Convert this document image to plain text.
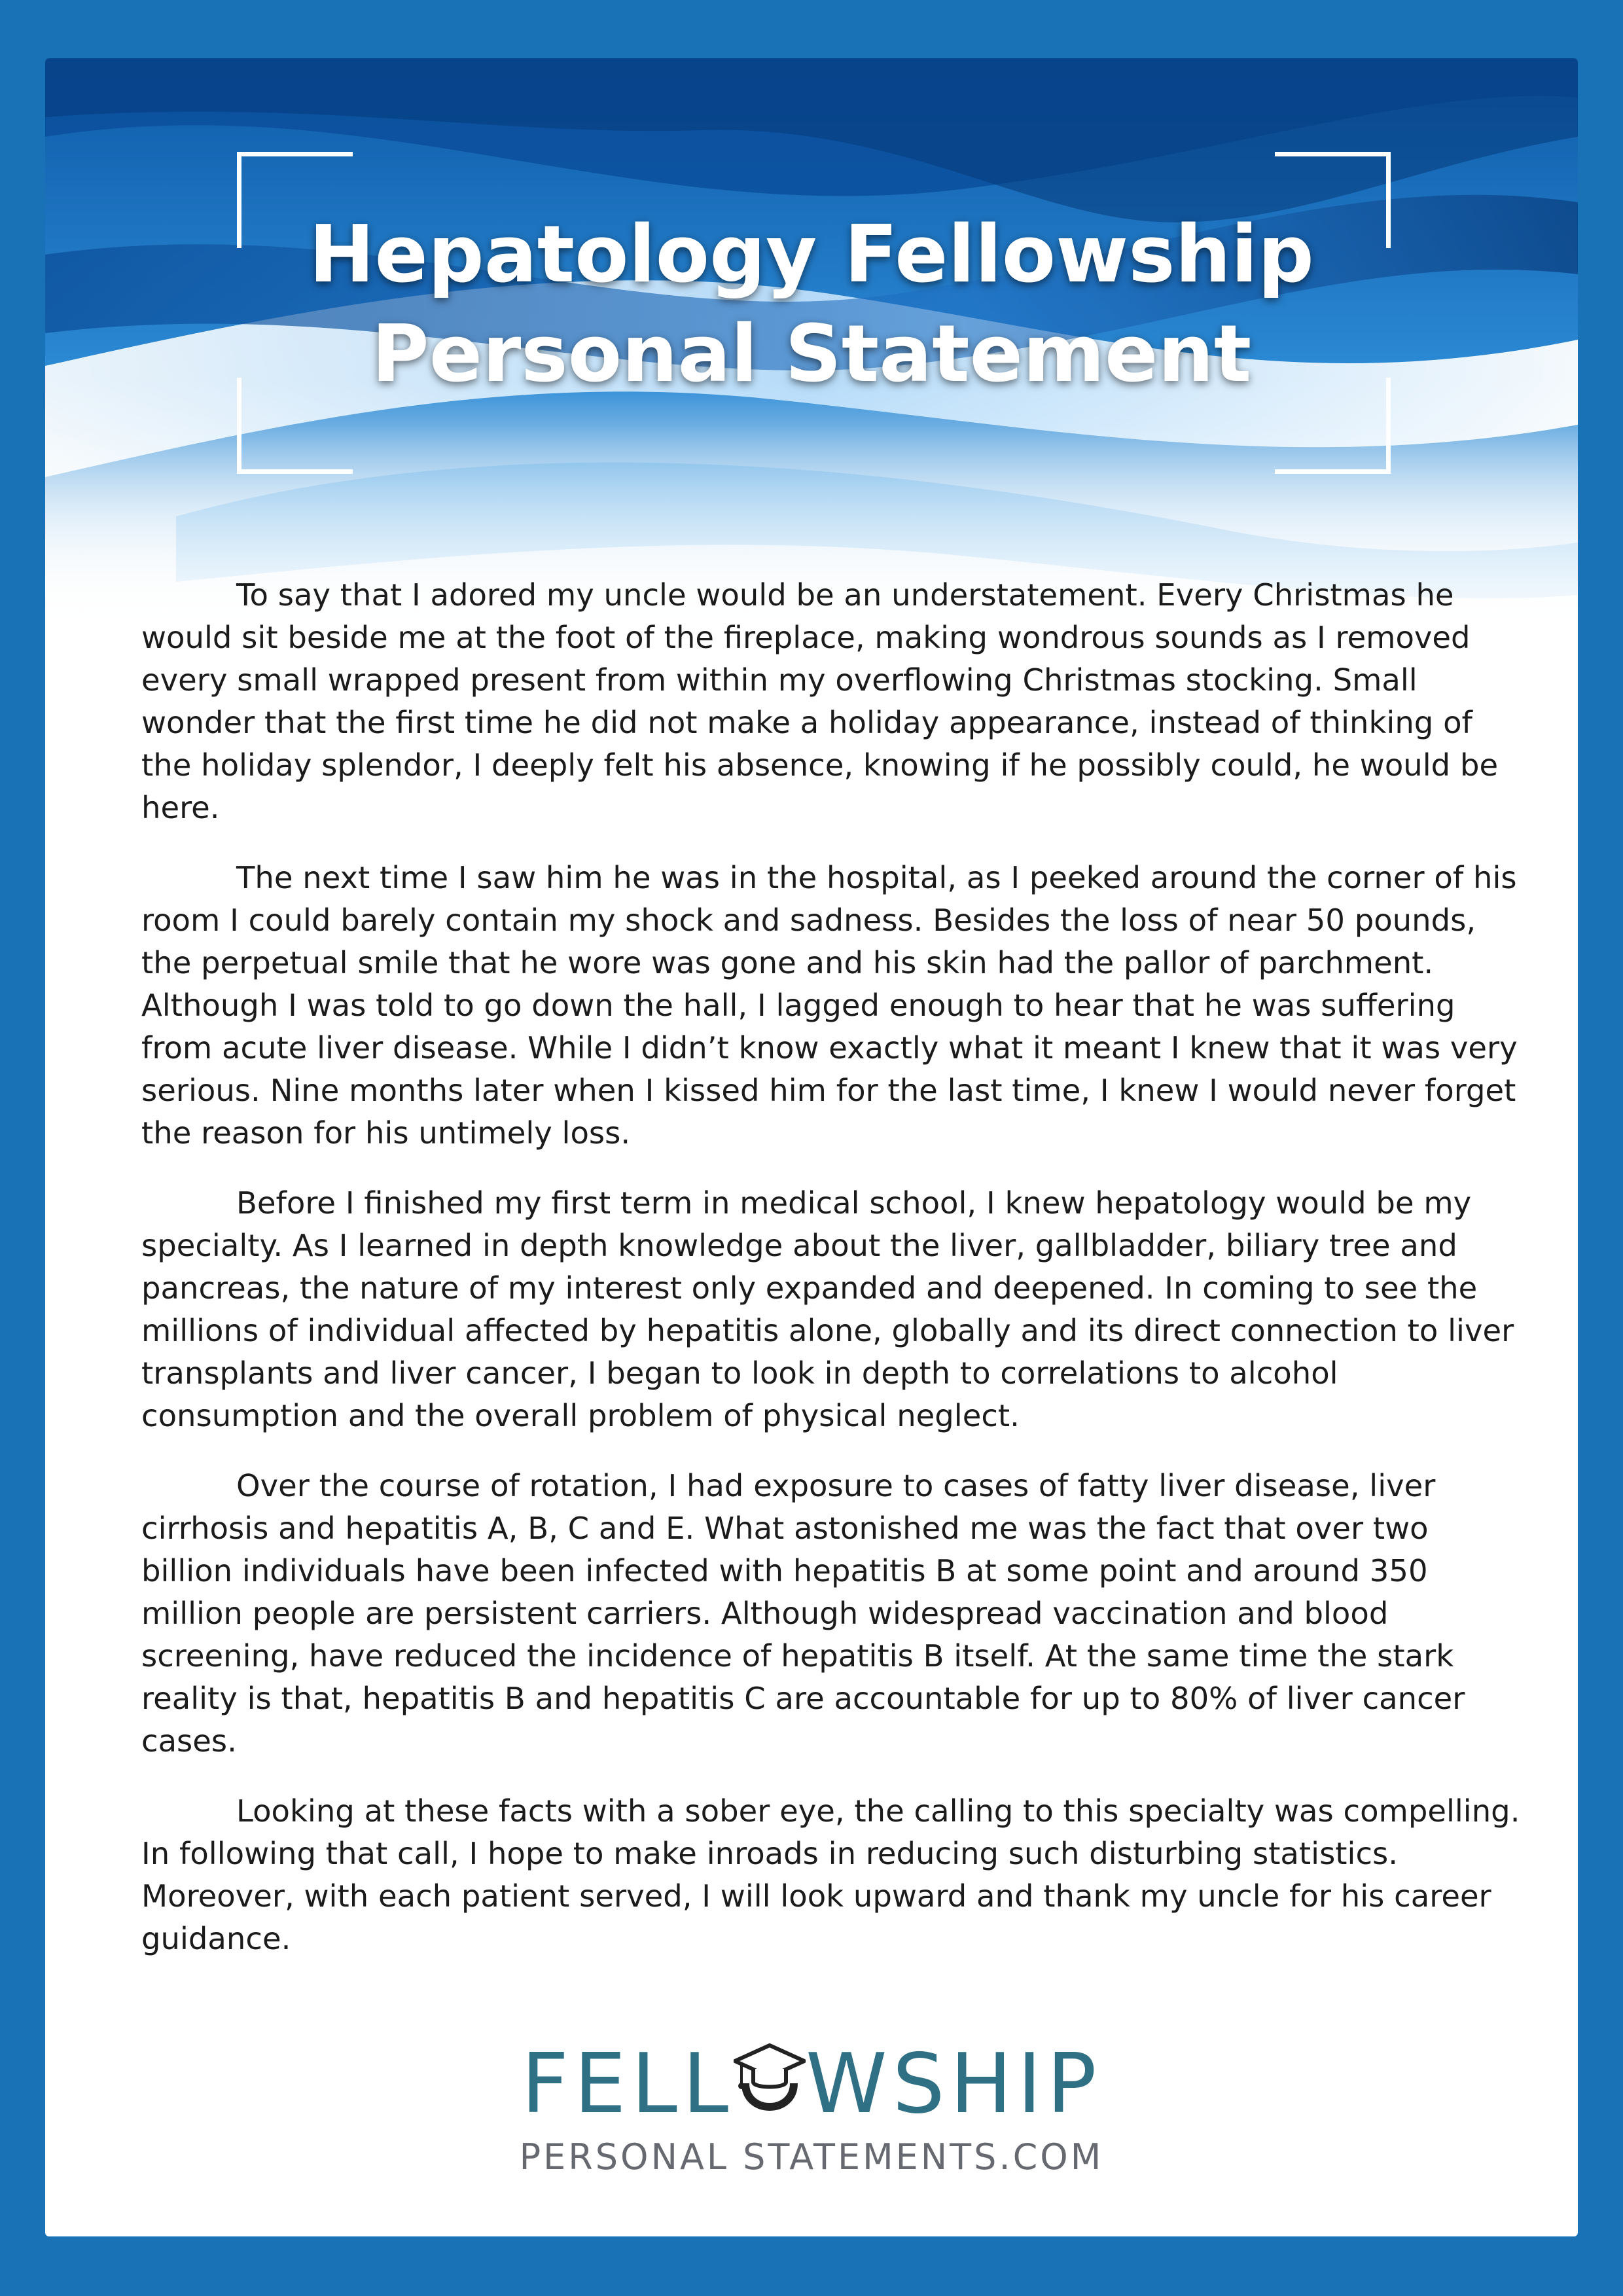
Hepatology Fellowship
Personal Statement

To say that I adored my uncle would be an understatement. Every Christmas he would sit beside me at the foot of the fireplace, making wondrous sounds as I removed every small wrapped present from within my overflowing Christmas stocking. Small wonder that the first time he did not make a holiday appearance, instead of thinking of the holiday splendor, I deeply felt his absence, knowing if he possibly could, he would be here.

The next time I saw him he was in the hospital, as I peeked around the corner of his room I could barely contain my shock and sadness. Besides the loss of near 50 pounds, the perpetual smile that he wore was gone and his skin had the pallor of parchment. Although I was told to go down the hall, I lagged enough to hear that he was suffering from acute liver disease. While I didn’t know exactly what it meant I knew that it was very serious. Nine months later when I kissed him for the last time, I knew I would never forget the reason for his untimely loss.

Before I finished my first term in medical school, I knew hepatology would be my specialty. As I learned in depth knowledge about the liver, gallbladder, biliary tree and pancreas, the nature of my interest only expanded and deepened. In coming to see the millions of individual affected by hepatitis alone, globally and its direct connection to liver transplants and liver cancer, I began to look in depth to correlations to alcohol consumption and the overall problem of physical neglect.

Over the course of rotation, I had exposure to cases of fatty liver disease, liver cirrhosis and hepatitis A, B, C and E. What astonished me was the fact that over two billion individuals have been infected with hepatitis B at some point and around 350 million people are persistent carriers. Although widespread vaccination and blood screening, have reduced the incidence of hepatitis B itself. At the same time the stark reality is that, hepatitis B and hepatitis C are accountable for up to 80% of liver cancer cases.

Looking at these facts with a sober eye, the calling to this specialty was compelling. In following that call, I hope to make inroads in reducing such disturbing statistics. Moreover, with each patient served, I will look upward and thank my uncle for his career guidance.

FELL WSHIP
PERSONAL STATEMENTS.COM
